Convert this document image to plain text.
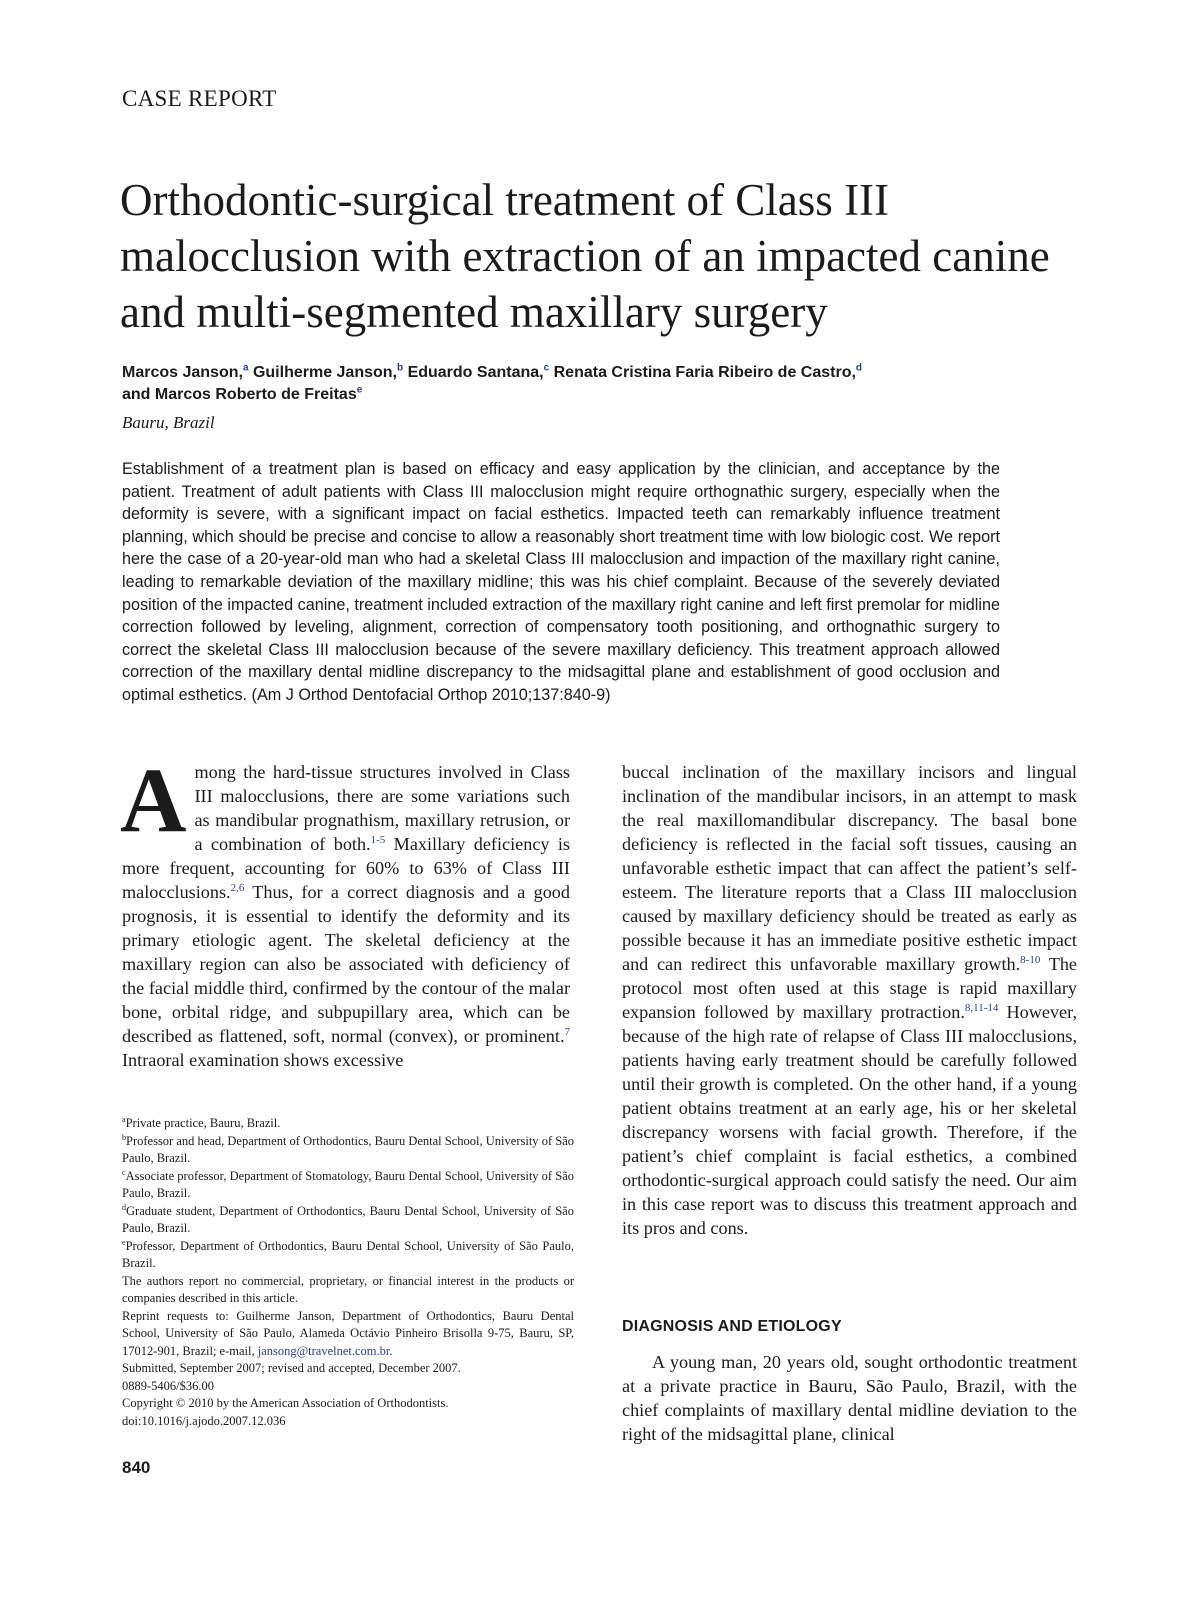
CASE REPORT
Orthodontic-surgical treatment of Class III malocclusion with extraction of an impacted canine and multi-segmented maxillary surgery
Marcos Janson,$^a$ Guilherme Janson,$^b$ Eduardo Santana,$^c$ Renata Cristina Faria Ribeiro de Castro,$^d$
and Marcos Roberto de Freitas$^e$
Bauru, Brazil

Establishment of a treatment plan is based on efficacy and easy application by the clinician, and acceptance by the patient. Treatment of adult patients with Class III malocclusion might require orthognathic surgery, especially when the deformity is severe, with a significant impact on facial esthetics. Impacted teeth can remarkably influence treatment planning, which should be precise and concise to allow a reasonably short treatment time with low biologic cost. We report here the case of a 20-year-old man who had a skeletal Class III malocclusion and impaction of the maxillary right canine, leading to remarkable deviation of the maxillary midline; this was his chief complaint. Because of the severely deviated position of the impacted canine, treatment included extraction of the maxillary right canine and left first premolar for midline correction followed by leveling, alignment, correction of compensatory tooth positioning, and orthognathic surgery to correct the skeletal Class III malocclusion because of the severe maxillary deficiency. This treatment approach allowed correction of the maxillary dental midline discrepancy to the midsagittal plane and establishment of good occlusion and optimal esthetics. (Am J Orthod Dentofacial Orthop 2010;137:840-9)

Among the hard-tissue structures involved in Class III malocclusions, there are some variations such as mandibular prognathism, maxillary retrusion, or a combination of both.$^{1-5}$ Maxillary deficiency is more frequent, accounting for 60% to 63% of Class III malocclusions.$^{2,6}$ Thus, for a correct diagnosis and a good prognosis, it is essential to identify the deformity and its primary etiologic agent. The skeletal deficiency at the maxillary region can also be associated with deficiency of the facial middle third, confirmed by the contour of the malar bone, orbital ridge, and subpupillary area, which can be described as flattened, soft, normal (convex), or prominent.$^7$ Intraoral examination shows excessive

$^a$Private practice, Bauru, Brazil.

$^b$Professor and head, Department of Orthodontics, Bauru Dental School, University of São Paulo, Brazil.

$^c$Associate professor, Department of Stomatology, Bauru Dental School, University of São Paulo, Brazil.

$^d$Graduate student, Department of Orthodontics, Bauru Dental School, University of São Paulo, Brazil.

$^e$Professor, Department of Orthodontics, Bauru Dental School, University of São Paulo, Brazil.

The authors report no commercial, proprietary, or financial interest in the products or companies described in this article.

Reprint requests to: Guilherme Janson, Department of Orthodontics, Bauru Dental School, University of São Paulo, Alameda Octávio Pinheiro Brisolla 9-75, Bauru, SP, 17012-901, Brazil; e-mail, jansong@travelnet.com.br.

Submitted, September 2007; revised and accepted, December 2007.

0889-5406/$36.00

Copyright © 2010 by the American Association of Orthodontists.

doi:10.1016/j.ajodo.2007.12.036

buccal inclination of the maxillary incisors and lingual inclination of the mandibular incisors, in an attempt to mask the real maxillomandibular discrepancy. The basal bone deficiency is reflected in the facial soft tissues, causing an unfavorable esthetic impact that can affect the patient’s self-esteem. The literature reports that a Class III malocclusion caused by maxillary deficiency should be treated as early as possible because it has an immediate positive esthetic impact and can redirect this unfavorable maxillary growth.$^{8-10}$ The protocol most often used at this stage is rapid maxillary expansion followed by maxillary protraction.$^{8,11-14}$ However, because of the high rate of relapse of Class III malocclusions, patients having early treatment should be carefully followed until their growth is completed. On the other hand, if a young patient obtains treatment at an early age, his or her skeletal discrepancy worsens with facial growth. Therefore, if the patient’s chief complaint is facial esthetics, a combined orthodontic-surgical approach could satisfy the need. Our aim in this case report was to discuss this treatment approach and its pros and cons.

DIAGNOSIS AND ETIOLOGY

A young man, 20 years old, sought orthodontic treatment at a private practice in Bauru, São Paulo, Brazil, with the chief complaints of maxillary dental midline deviation to the right of the midsagittal plane, clinical

840
